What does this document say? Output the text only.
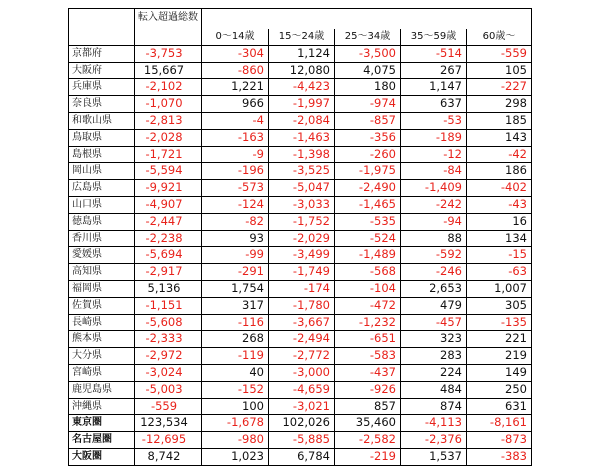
	転入超過総数					
		0～14歳	15～24歳	25～34歳	35～59歳	60歳～
京都府	-3,753	-304	1,124	-3,500	-514	-559
大阪府	15,667	-860	12,080	4,075	267	105
兵庫県	-2,102	1,221	-4,423	180	1,147	-227
奈良県	-1,070	966	-1,997	-974	637	298
和歌山県	-2,813	-4	-2,084	-857	-53	185
鳥取県	-2,028	-163	-1,463	-356	-189	143
島根県	-1,721	-9	-1,398	-260	-12	-42
岡山県	-5,594	-196	-3,525	-1,975	-84	186
広島県	-9,921	-573	-5,047	-2,490	-1,409	-402
山口県	-4,907	-124	-3,033	-1,465	-242	-43
徳島県	-2,447	-82	-1,752	-535	-94	16
香川県	-2,238	93	-2,029	-524	88	134
愛媛県	-5,694	-99	-3,499	-1,489	-592	-15
高知県	-2,917	-291	-1,749	-568	-246	-63
福岡県	5,136	1,754	-174	-104	2,653	1,007
佐賀県	-1,151	317	-1,780	-472	479	305
長崎県	-5,608	-116	-3,667	-1,232	-457	-135
熊本県	-2,333	268	-2,494	-651	323	221
大分県	-2,972	-119	-2,772	-583	283	219
宮崎県	-3,024	40	-3,000	-437	224	149
鹿児島県	-5,003	-152	-4,659	-926	484	250
沖縄県	-559	100	-3,021	857	874	631
東京圏	123,534	-1,678	102,026	35,460	-4,113	-8,161
名古屋圏	-12,695	-980	-5,885	-2,582	-2,376	-873
大阪圏	8,742	1,023	6,784	-219	1,537	-383
